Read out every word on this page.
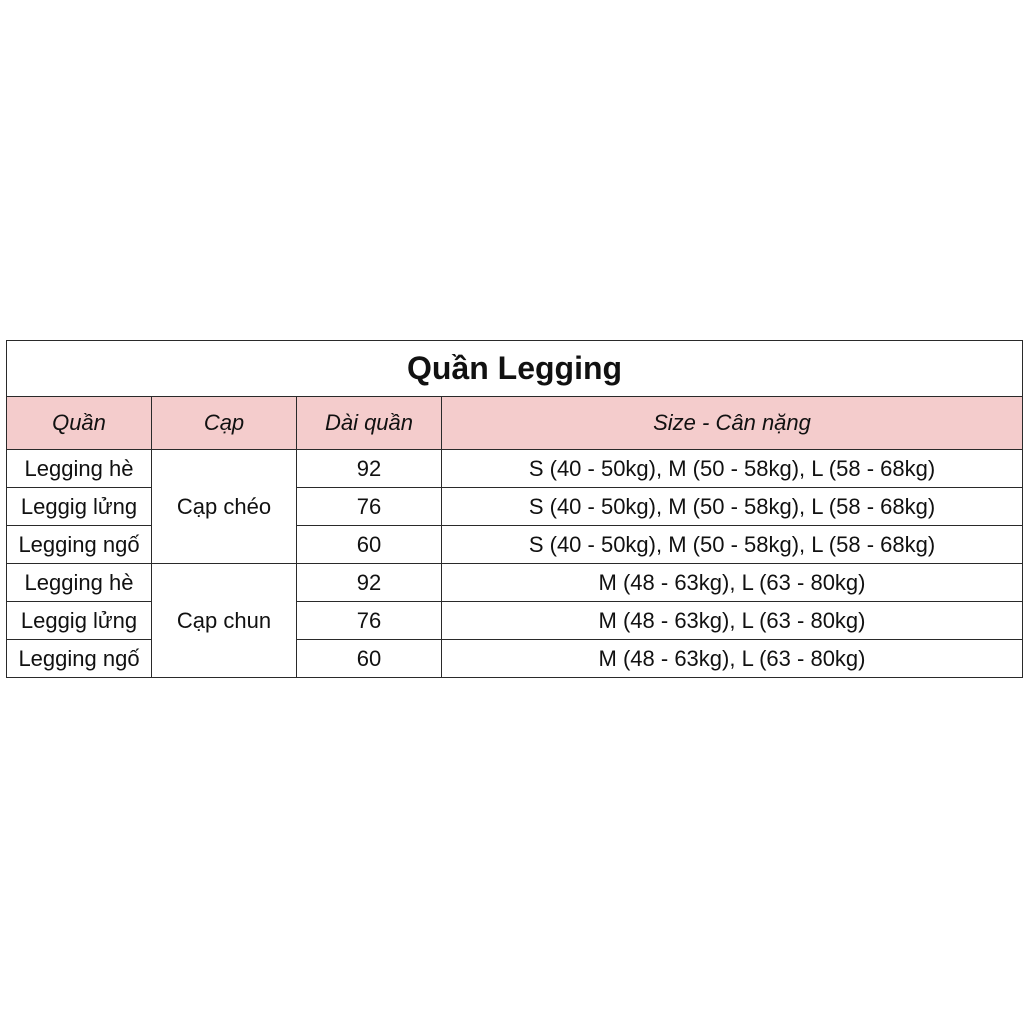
Quần Legging			
Quần	Cạp	Dài quần	Size - Cân nặng
Legging hè	Cạp chéo	92	S (40 - 50kg), M (50 - 58kg), L (58 - 68kg)
Leggig lửng		76	S (40 - 50kg), M (50 - 58kg), L (58 - 68kg)
Legging ngố		60	S (40 - 50kg), M (50 - 58kg), L (58 - 68kg)
Legging hè	Cạp chun	92	M (48 - 63kg), L (63 - 80kg)
Leggig lửng		76	M (48 - 63kg), L (63 - 80kg)
Legging ngố		60	M (48 - 63kg), L (63 - 80kg)
